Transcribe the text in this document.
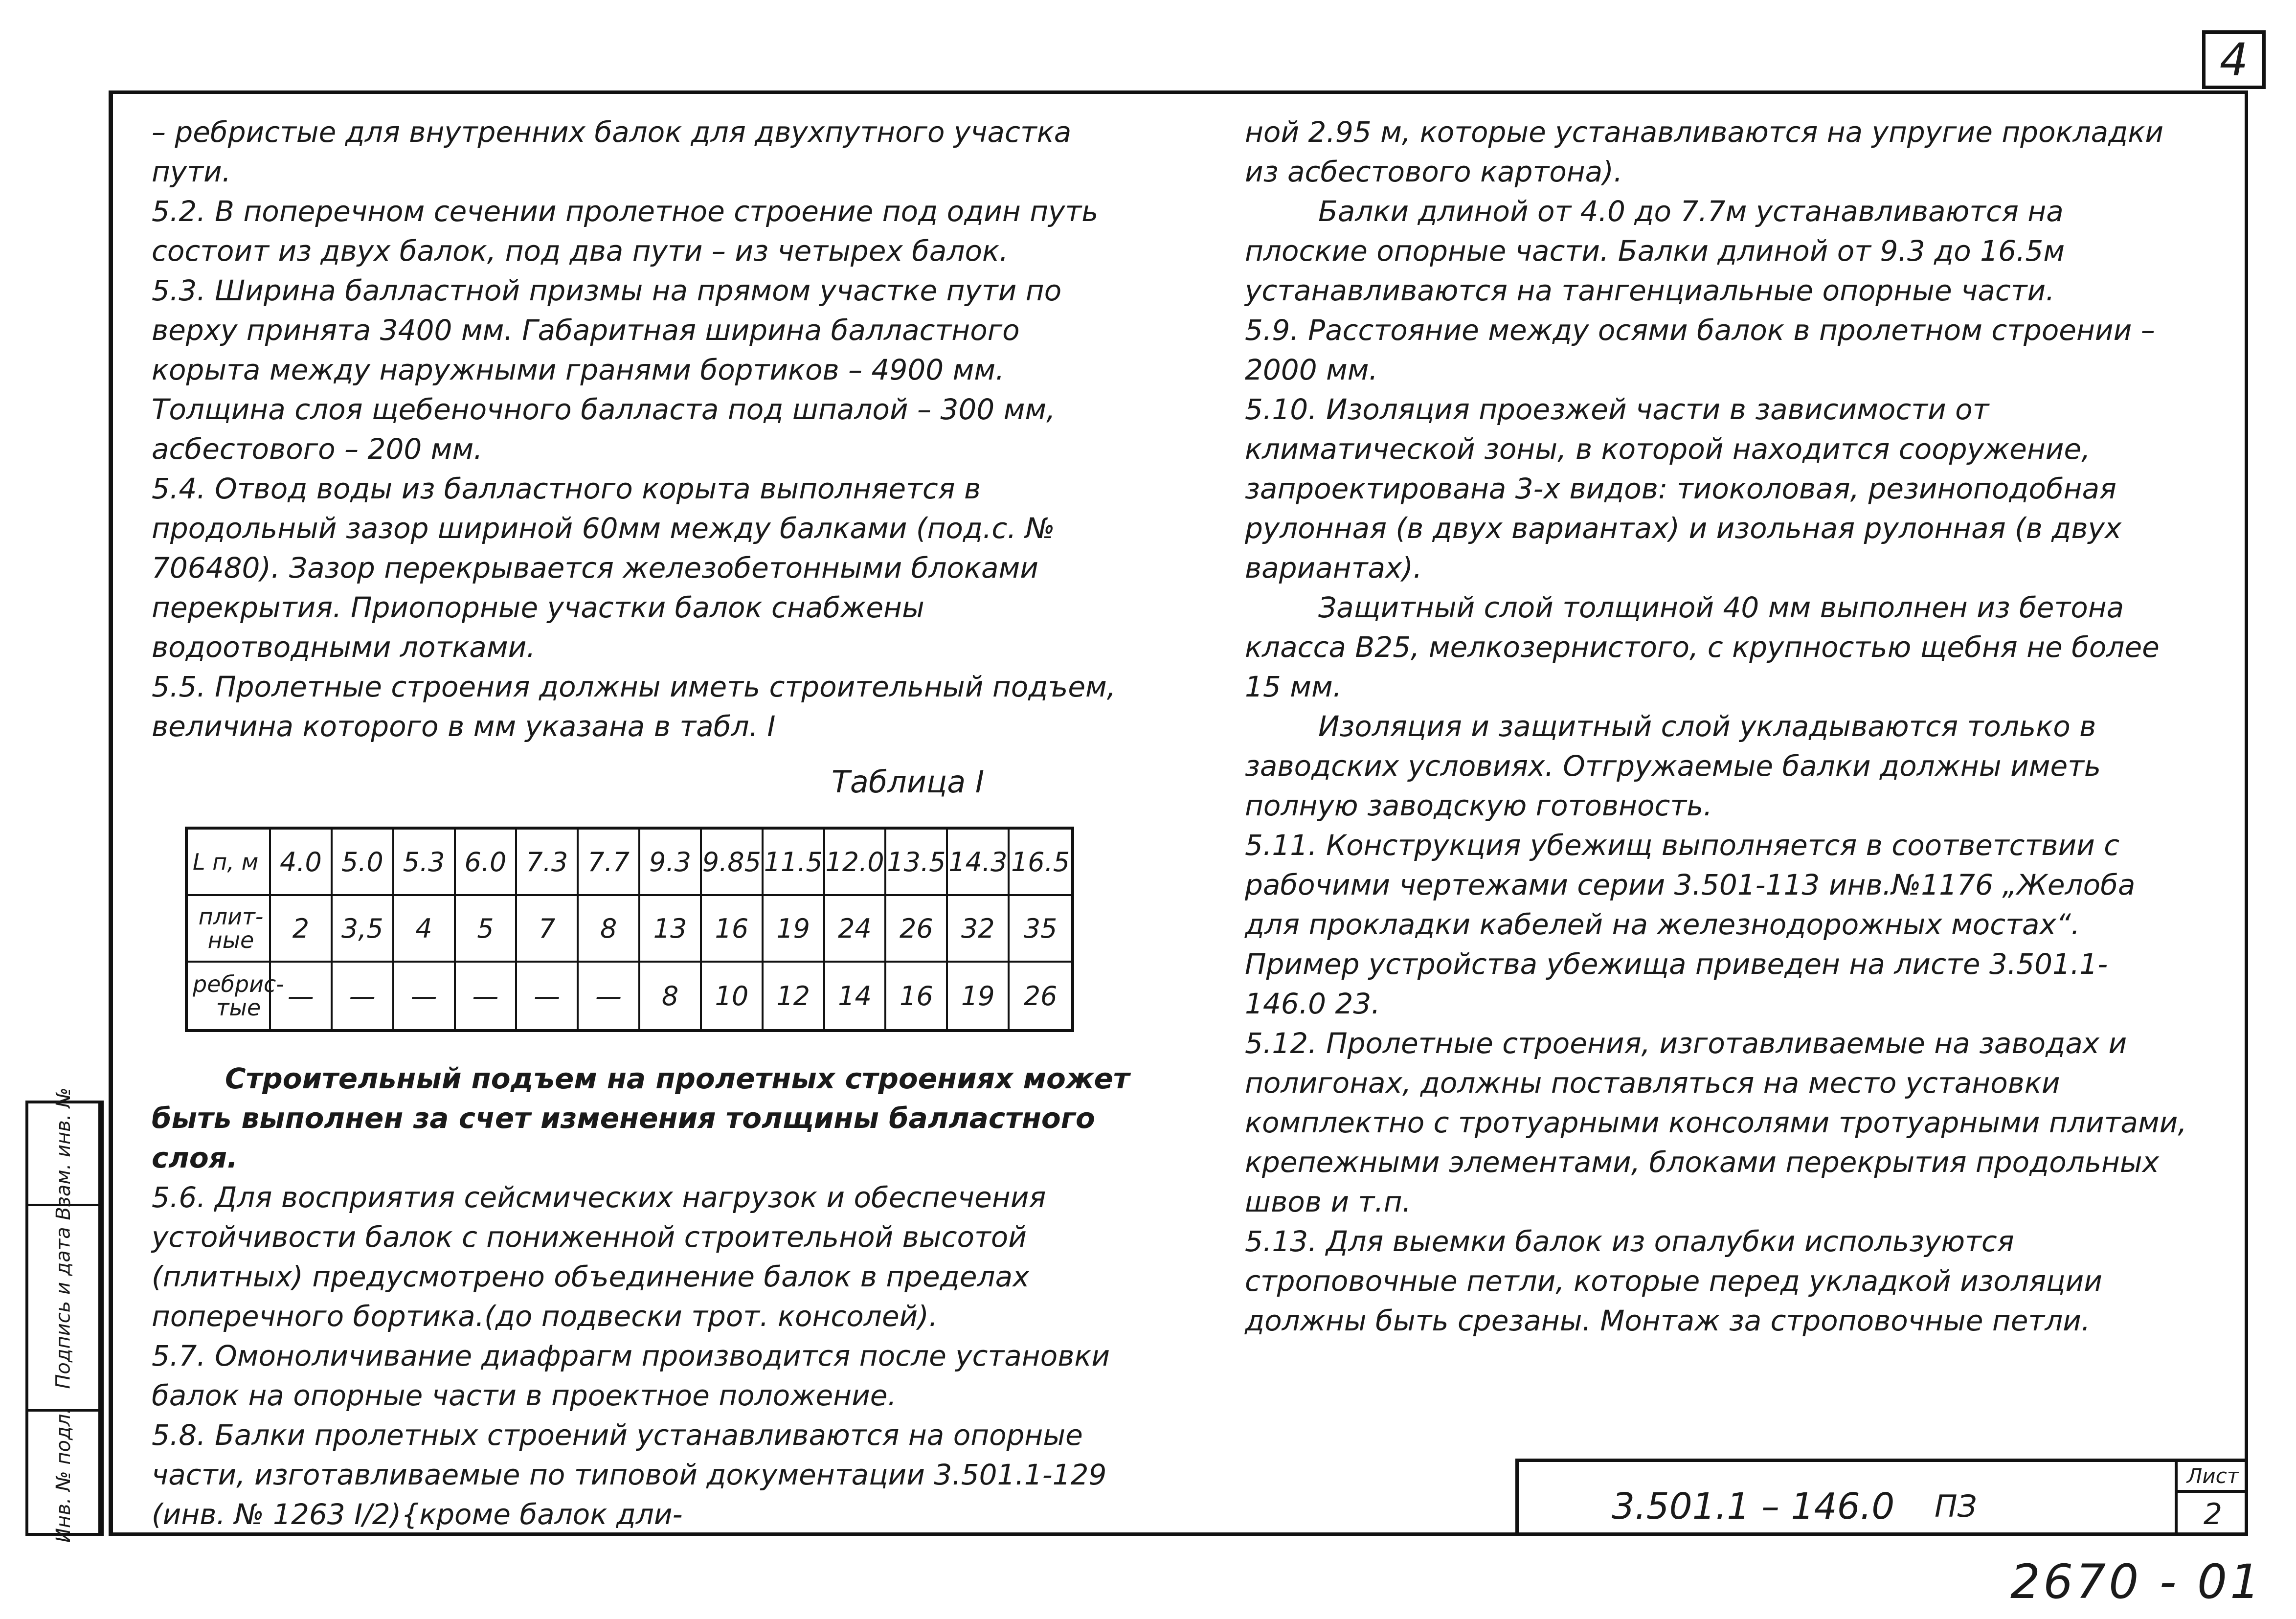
4
Взам. инв. №
Подпись и дата
Инв. № подл.

– ребристые для внутренних балок для двухпутного участка пути.

5.2. В поперечном сечении пролетное строение под один путь состоит из двух балок, под два пути – из четырех балок.

5.3. Ширина балластной призмы на прямом участке пути по верху принята 3400 мм. Габаритная ширина балластного корыта между наружными гранями бортиков – 4900 мм. Толщина слоя щебеночного балласта под шпалой – 300 мм, асбестового – 200 мм.

5.4. Отвод воды из балластного корыта выполняется в продольный зазор шириной 60мм между балками (под.с. № 706480). Зазор перекрывается железобетонными блоками перекрытия. Приопорные участки балок снабжены водоотводными лотками.

5.5. Пролетные строения должны иметь строительный подъем, величина которого в мм указана в табл. I

Таблица I
L п, м 4.0 5.0 5.3 6.0 7.3 7.7 9.3 9.85 11.5 12.0 13.5 14.3 16.5
плит-ные	2	3,5	4	5	7	8	13	16	19	24	26	32	35
ребрис-тые	—	—	—	—	—	—	8	10	12	14	16	19	26

Строительный подъем на пролетных строениях может быть выполнен за счет изменения толщины балластного слоя.

5.6. Для восприятия сейсмических нагрузок и обеспечения устойчивости балок с пониженной строительной высотой (плитных) предусмотрено объединение балок в пределах поперечного бортика.(до подвески трот. консолей).

5.7. Омоноличивание диафрагм производится после установки балок на опорные части в проектное положение.

5.8. Балки пролетных строений устанавливаются на опорные части, изготавливаемые по типовой документации 3.501.1-129 (инв. № 1263 I/2){кроме балок дли-

ной 2.95 м, которые устанавливаются на упругие прокладки из асбестового картона).

Балки длиной от 4.0 до 7.7м устанавливаются на плоские опорные части. Балки длиной от 9.3 до 16.5м устанавливаются на тангенциальные опорные части.

5.9. Расстояние между осями балок в пролетном строении – 2000 мм.

5.10. Изоляция проезжей части в зависимости от климатической зоны, в которой находится сооружение, запроектирована 3-х видов: тиоколовая, резиноподобная рулонная (в двух вариантах) и изольная рулонная (в двух вариантах).

Защитный слой толщиной 40 мм выполнен из бетона класса В25, мелкозернистого, с крупностью щебня не более 15 мм.

Изоляция и защитный слой укладываются только в заводских условиях. Отгружаемые балки должны иметь полную заводскую готовность.

5.11. Конструкция убежищ выполняется в соответствии с рабочими чертежами серии 3.501-113 инв.№1176 „Желоба для прокладки кабелей на железнодорожных мостах“. Пример устройства убежища приведен на листе 3.501.1-146.0 23.

5.12. Пролетные строения, изготавливаемые на заводах и полигонах, должны поставляться на место установки комплектно с тротуарными консолями тротуарными плитами, крепежными элементами, блоками перекрытия продольных швов и т.п.

5.13. Для выемки балок из опалубки используются строповочные петли, которые перед укладкой изоляции должны быть срезаны. Монтаж за строповочные петли.

3.501.1 – 146.0 ПЗ
Лист
2
2670 - 01
